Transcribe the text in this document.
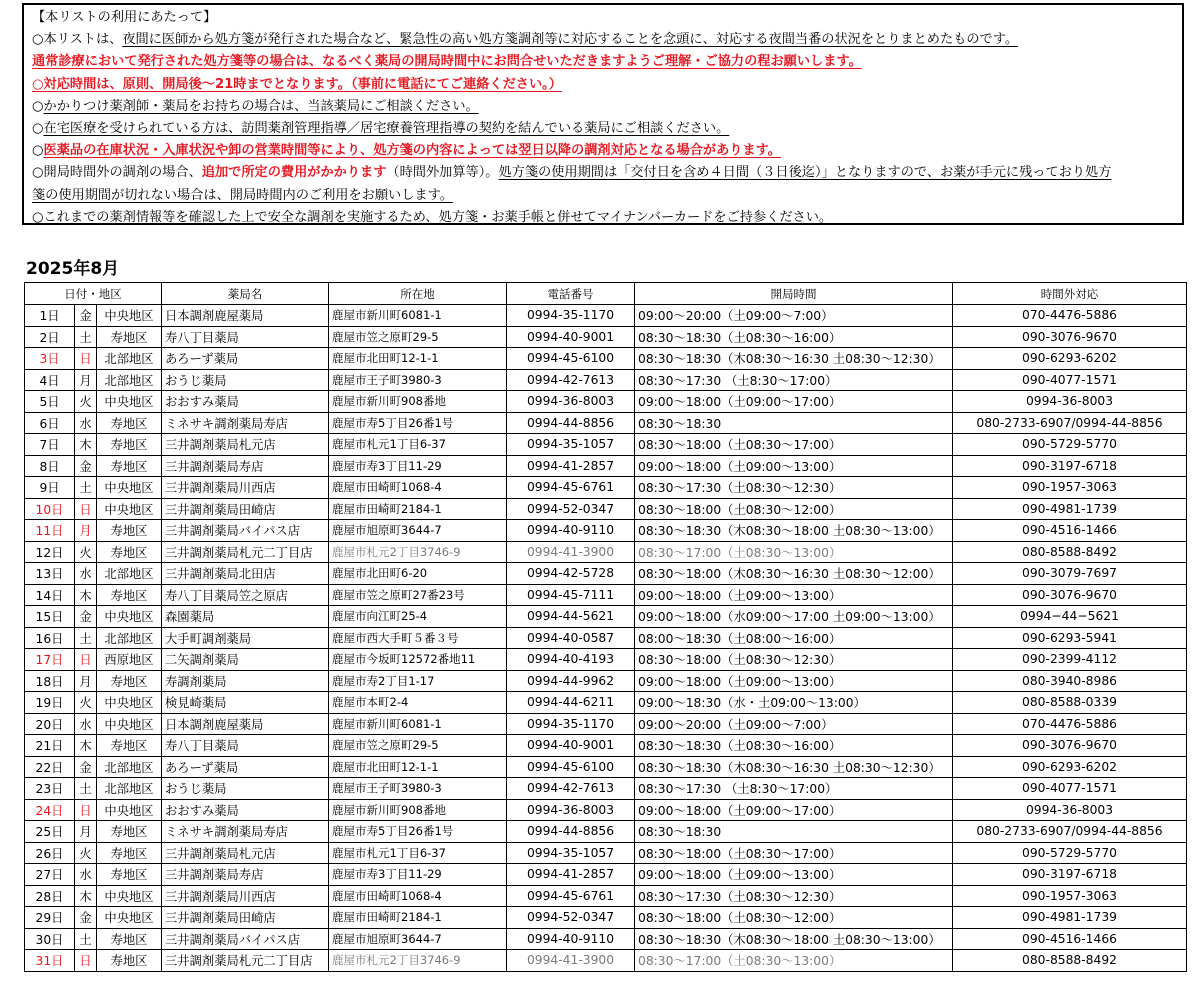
【本リストの利用にあたって】
○本リストは、夜間に医師から処方箋が発行された場合など、緊急性の高い処方箋調剤等に対応することを念頭に、対応する夜間当番の状況をとりまとめたものです。
通常診療において発行された処方箋等の場合は、なるべく薬局の開局時間中にお問合せいただきますようご理解・ご協力の程お願いします。
○対応時間は、原則、開局後〜21時までとなります。（事前に電話にてご連絡ください。）
○かかりつけ薬剤師・薬局をお持ちの場合は、当該薬局にご相談ください。
○在宅医療を受けられている方は、訪問薬剤管理指導／居宅療養管理指導の契約を結んでいる薬局にご相談ください。
○医薬品の在庫状況・入庫状況や卸の営業時間等により、処方箋の内容によっては翌日以降の調剤対応となる場合があります。
○開局時間外の調剤の場合、追加で所定の費用がかかります（時間外加算等）。処方箋の使用期間は「交付日を含め４日間（３日後迄）」となりますので、お薬が手元に残っており処方
箋の使用期間が切れない場合は、開局時間内のご利用をお願いします。
○これまでの薬剤情報等を確認した上で安全な調剤を実施するため、処方箋・お薬手帳と併せてマイナンバーカードをご持参ください。
2025年8月
日付・地区			薬局名	所在地	電話番号	開局時間	時間外対応
1日	金	中央地区	日本調剤鹿屋薬局	鹿屋市新川町6081-1	0994-35-1170	09:00〜20:00（土09:00〜7:00）	070-4476-5886
2日	土	寿地区	寿八丁目薬局	鹿屋市笠之原町29-5	0994-40-9001	08:30〜18:30（土08:30〜16:00）	090-3076-9670
3日	日	北部地区	あろーず薬局	鹿屋市北田町12-1-1	0994-45-6100	08:30〜18:30（木08:30〜16:30 土08:30〜12:30）	090-6293-6202
4日	月	北部地区	おうじ薬局	鹿屋市王子町3980-3	0994-42-7613	08:30〜17:30 （土8:30〜17:00）	090-4077-1571
5日	火	中央地区	おおすみ薬局	鹿屋市新川町908番地	0994-36-8003	09:00〜18:00（土09:00〜17:00）	0994-36-8003
6日	水	寿地区	ミネサキ調剤薬局寿店	鹿屋市寿5丁目26番1号	0994-44-8856	08:30〜18:30	080-2733-6907/0994-44-8856
7日	木	寿地区	三井調剤薬局札元店	鹿屋市札元1丁目6-37	0994-35-1057	08:30〜18:00（土08:30〜17:00）	090-5729-5770
8日	金	寿地区	三井調剤薬局寿店	鹿屋市寿3丁目11-29	0994-41-2857	09:00〜18:00（土09:00〜13:00）	090-3197-6718
9日	土	中央地区	三井調剤薬局川西店	鹿屋市田崎町1068-4	0994-45-6761	08:30〜17:30（土08:30〜12:30）	090-1957-3063
10日	日	中央地区	三井調剤薬局田崎店	鹿屋市田崎町2184-1	0994-52-0347	08:30〜18:00（土08:30〜12:00）	090-4981-1739
11日	月	寿地区	三井調剤薬局バイパス店	鹿屋市旭原町3644-7	0994-40-9110	08:30〜18:30（木08:30〜18:00 土08:30〜13:00）	090-4516-1466
12日	火	寿地区	三井調剤薬局札元二丁目店	鹿屋市札元2丁目3746-9	0994-41-3900	08:30〜17:00（土08:30〜13:00）	080-8588-8492
13日	水	北部地区	三井調剤薬局北田店	鹿屋市北田町6-20	0994-42-5728	08:30〜18:00（木08:30〜16:30 土08:30〜12:00）	090-3079-7697
14日	木	寿地区	寿八丁目薬局笠之原店	鹿屋市笠之原町27番23号	0994-45-7111	09:00〜18:00（土09:00〜13:00）	090-3076-9670
15日	金	中央地区	森園薬局	鹿屋市向江町25-4	0994-44-5621	09:00〜18:00（水09:00〜17:00 土09:00〜13:00）	0994−44−5621
16日	土	北部地区	大手町調剤薬局	鹿屋市西大手町５番３号	0994-40-0587	08:00〜18:30（土08:00〜16:00）	090-6293-5941
17日	日	西原地区	二矢調剤薬局	鹿屋市今坂町12572番地11	0994-40-4193	08:30〜18:00（土08:30〜12:30）	090-2399-4112
18日	月	寿地区	寿調剤薬局	鹿屋市寿2丁目1-17	0994-44-9962	09:00〜18:00（土09:00〜13:00）	080-3940-8986
19日	火	中央地区	検見崎薬局	鹿屋市本町2-4	0994-44-6211	09:00〜18:30（水・土09:00〜13:00）	080-8588-0339
20日	水	中央地区	日本調剤鹿屋薬局	鹿屋市新川町6081-1	0994-35-1170	09:00〜20:00（土09:00〜7:00）	070-4476-5886
21日	木	寿地区	寿八丁目薬局	鹿屋市笠之原町29-5	0994-40-9001	08:30〜18:30（土08:30〜16:00）	090-3076-9670
22日	金	北部地区	あろーず薬局	鹿屋市北田町12-1-1	0994-45-6100	08:30〜18:30（木08:30〜16:30 土08:30〜12:30）	090-6293-6202
23日	土	北部地区	おうじ薬局	鹿屋市王子町3980-3	0994-42-7613	08:30〜17:30 （土8:30〜17:00）	090-4077-1571
24日	日	中央地区	おおすみ薬局	鹿屋市新川町908番地	0994-36-8003	09:00〜18:00（土09:00〜17:00）	0994-36-8003
25日	月	寿地区	ミネサキ調剤薬局寿店	鹿屋市寿5丁目26番1号	0994-44-8856	08:30〜18:30	080-2733-6907/0994-44-8856
26日	火	寿地区	三井調剤薬局札元店	鹿屋市札元1丁目6-37	0994-35-1057	08:30〜18:00（土08:30〜17:00）	090-5729-5770
27日	水	寿地区	三井調剤薬局寿店	鹿屋市寿3丁目11-29	0994-41-2857	09:00〜18:00（土09:00〜13:00）	090-3197-6718
28日	木	中央地区	三井調剤薬局川西店	鹿屋市田崎町1068-4	0994-45-6761	08:30〜17:30（土08:30〜12:30）	090-1957-3063
29日	金	中央地区	三井調剤薬局田崎店	鹿屋市田崎町2184-1	0994-52-0347	08:30〜18:00（土08:30〜12:00）	090-4981-1739
30日	土	寿地区	三井調剤薬局バイパス店	鹿屋市旭原町3644-7	0994-40-9110	08:30〜18:30（木08:30〜18:00 土08:30〜13:00）	090-4516-1466
31日	日	寿地区	三井調剤薬局札元二丁目店	鹿屋市札元2丁目3746-9	0994-41-3900	08:30〜17:00（土08:30〜13:00）	080-8588-8492
